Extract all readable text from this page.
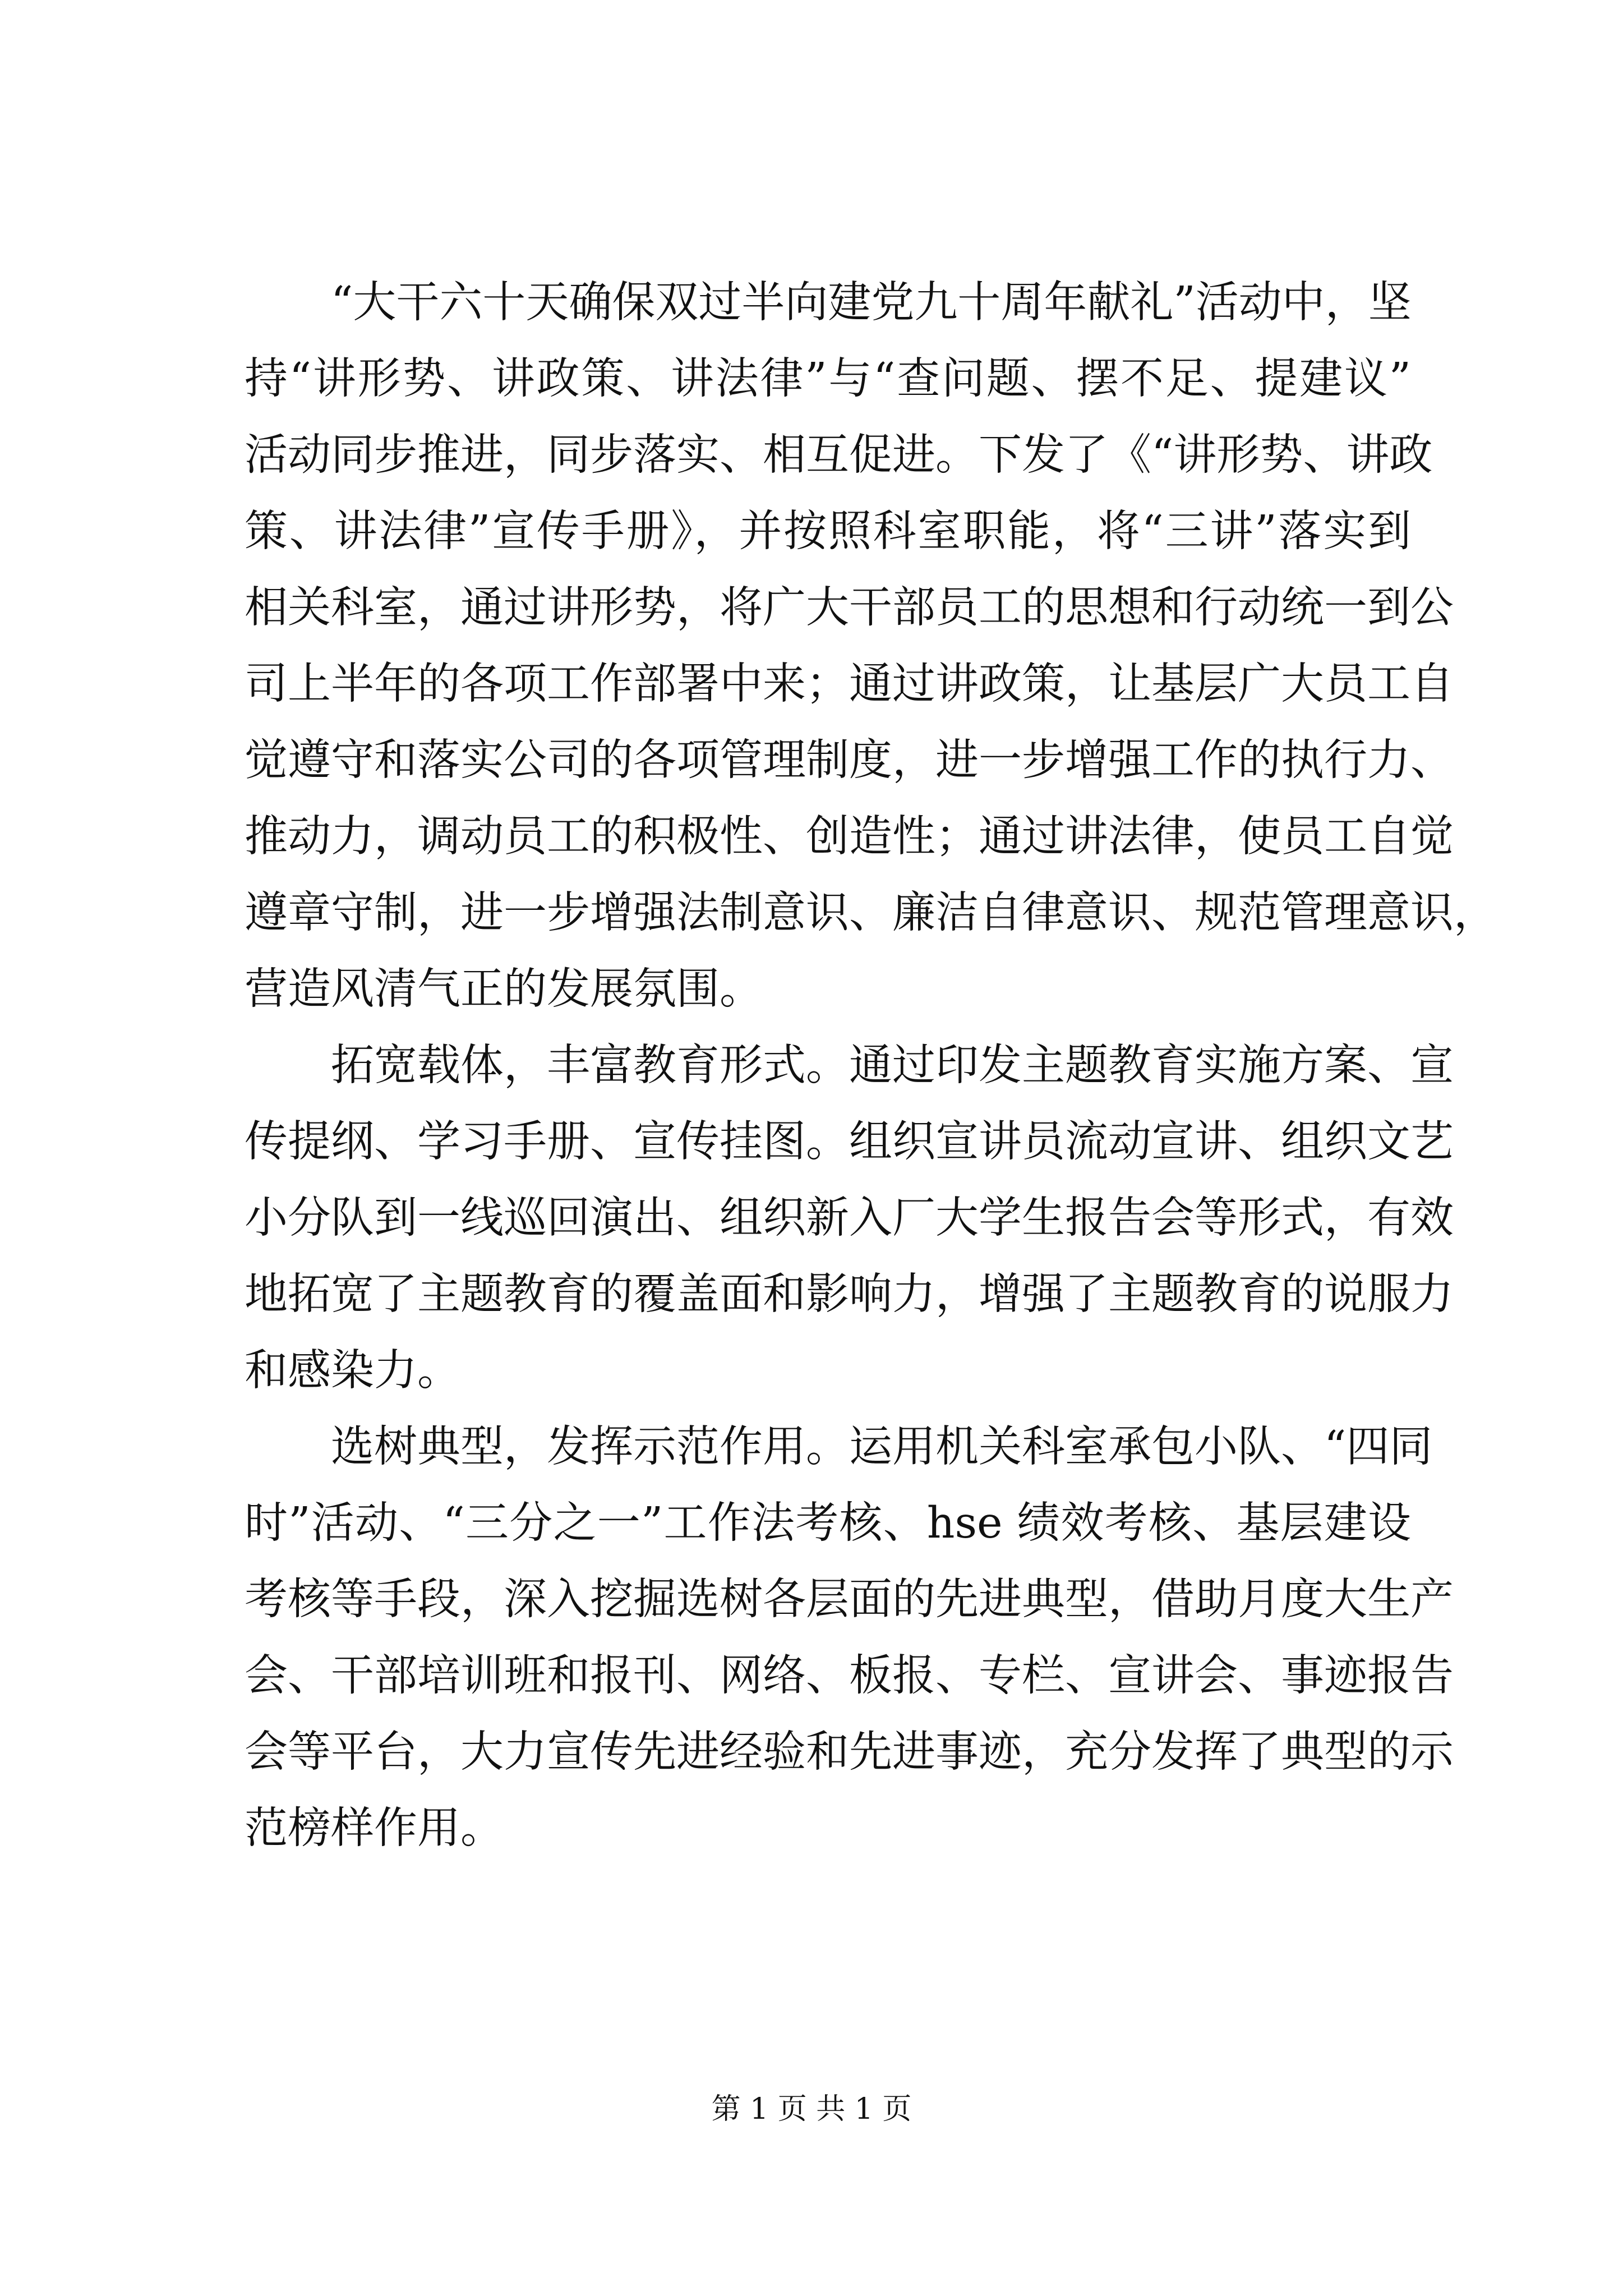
“大干六十天确保双过半向建党九十周年献礼”活动中，坚
持“讲形势、讲政策、讲法律”与“查问题、摆不足、提建议”
活动同步推进，同步落实、相互促进。下发了《“讲形势、讲政
策、讲法律”宣传手册》，并按照科室职能，将“三讲”落实到
相关科室，通过讲形势，将广大干部员工的思想和行动统一到公
司上半年的各项工作部署中来；通过讲政策，让基层广大员工自
觉遵守和落实公司的各项管理制度，进一步增强工作的执行力、
推动力，调动员工的积极性、创造性；通过讲法律，使员工自觉
遵章守制，进一步增强法制意识、廉洁自律意识、规范管理意识，
营造风清气正的发展氛围。
拓宽载体，丰富教育形式。通过印发主题教育实施方案、宣
传提纲、学习手册、宣传挂图。组织宣讲员流动宣讲、组织文艺
小分队到一线巡回演出、组织新入厂大学生报告会等形式，有效
地拓宽了主题教育的覆盖面和影响力，增强了主题教育的说服力
和感染力。
选树典型，发挥示范作用。运用机关科室承包小队、“四同
时”活动、“三分之一”工作法考核、hse 绩效考核、基层建设
考核等手段，深入挖掘选树各层面的先进典型，借助月度大生产
会、干部培训班和报刊、网络、板报、专栏、宣讲会、事迹报告
会等平台，大力宣传先进经验和先进事迹，充分发挥了典型的示
范榜样作用。
第 1 页 共 1 页
